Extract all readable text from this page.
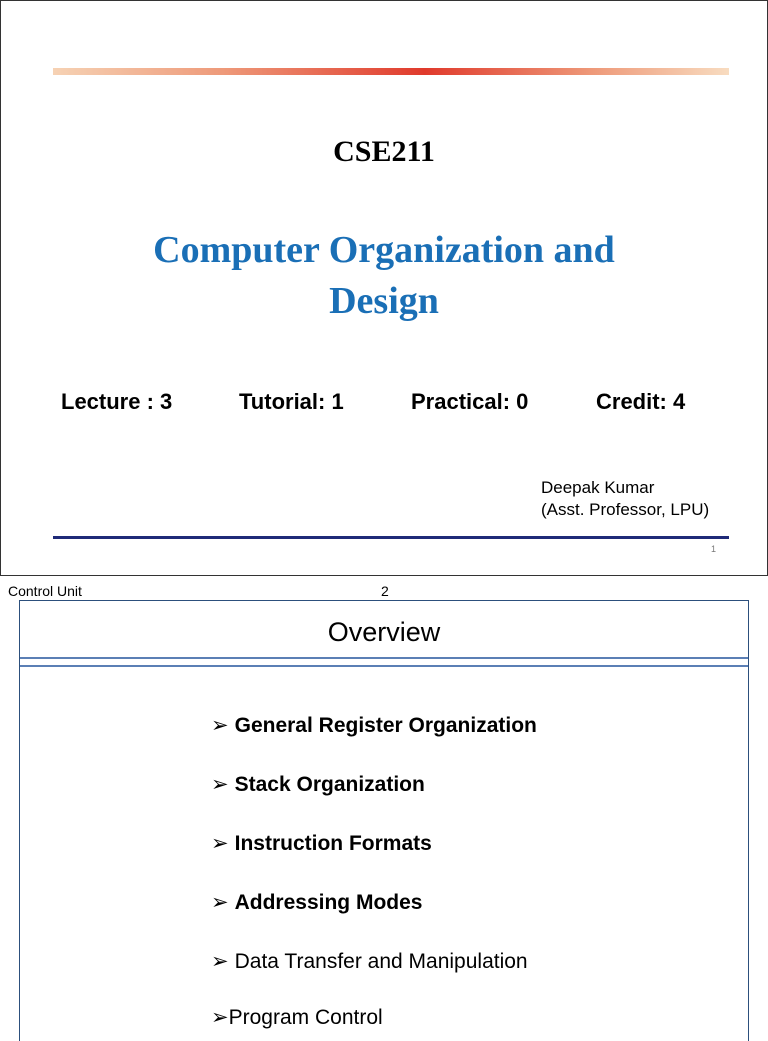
CSE211
Computer Organization and
Design
Lecture : 3	Tutorial: 1	Practical: 0	Credit: 4
Deepak Kumar
(Asst. Professor, LPU)
1
Control Unit	2
Overview
➢ General Register Organization
➢ Stack Organization
➢ Instruction Formats
➢ Addressing Modes
➢ Data Transfer and Manipulation
➢Program Control
